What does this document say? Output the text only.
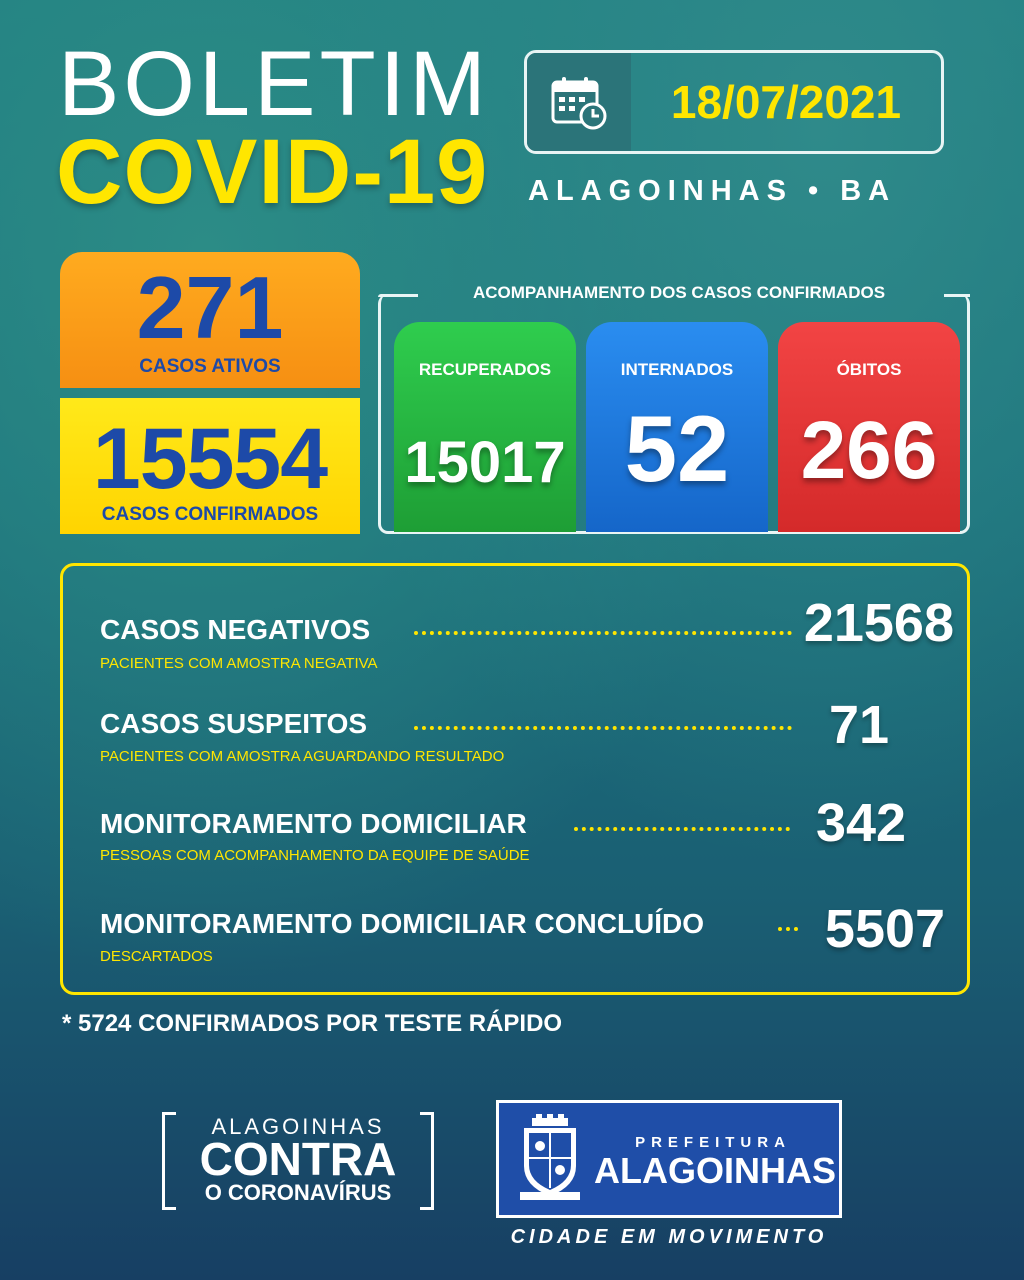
BOLETIM
COVID-19
18/07/2021
ALAGOINHAS • BA
271
CASOS ATIVOS
15554
CASOS CONFIRMADOS
ACOMPANHAMENTO DOS CASOS CONFIRMADOS
RECUPERADOS
15017
INTERNADOS
52
ÓBITOS
266
CASOS NEGATIVOS
PACIENTES COM AMOSTRA NEGATIVA
21568
CASOS SUSPEITOS
PACIENTES COM AMOSTRA AGUARDANDO RESULTADO
71
MONITORAMENTO DOMICILIAR
PESSOAS COM ACOMPANHAMENTO DA EQUIPE DE SAÚDE
342
MONITORAMENTO DOMICILIAR CONCLUÍDO
DESCARTADOS	5507
* 5724 CONFIRMADOS POR TESTE RÁPIDO
ALAGOINHAS
CONTRA
O CORONAVÍRUS
PREFEITURA
ALAGOINHAS
CIDADE EM MOVIMENTO
